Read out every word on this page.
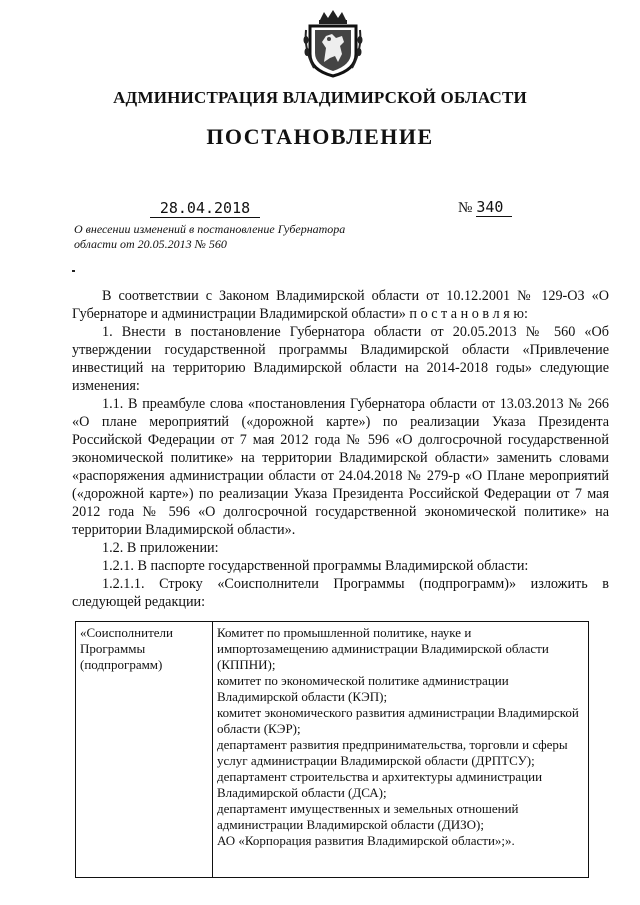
АДМИНИСТРАЦИЯ ВЛАДИМИРСКОЙ ОБЛАСТИ
ПОСТАНОВЛЕНИЕ
28.04.2018	№ 340
О внесении изменений в постановление Губернатора области от 20.05.2013 № 560

В соответствии с Законом Владимирской области от 10.12.2001 № 129-ОЗ «О Губернаторе и администрации Владимирской области» п о с т а н о в л я ю:

1. Внести в постановление Губернатора области от 20.05.2013 № 560 «Об утверждении государственной программы Владимирской области «Привлечение инвестиций на территорию Владимирской области на 2014-2018 годы» следующие изменения:

1.1. В преамбуле слова «постановления Губернатора области от 13.03.2013 № 266 «О плане мероприятий («дорожной карте») по реализации Указа Президента Российской Федерации от 7 мая 2012 года № 596 «О долгосрочной государственной экономической политике» на территории Владимирской области» заменить словами «распоряжения администрации области от 24.04.2018 № 279-р «О Плане мероприятий («дорожной карте») по реализации Указа Президента Российской Федерации от 7 мая 2012 года № 596 «О долгосрочной государственной экономической политике» на территории Владимирской области».

1.2. В приложении:

1.2.1. В паспорте государственной программы Владимирской области:

1.2.1.1. Строку «Соисполнители Программы (подпрограмм)» изложить в следующей редакции:

«Соисполнители
Программы
(подпрограмм)
Комитет по промышленной политике, науке и импортозамещению администрации Владимирской области (КППНИ);
комитет по экономической политике администрации Владимирской области (КЭП);
комитет экономического развития администрации Владимирской области (КЭР);
департамент развития предпринимательства, торговли и сферы услуг администрации Владимирской области (ДРПТСУ);
департамент строительства и архитектуры администрации Владимирской области (ДСА);
департамент имущественных и земельных отношений администрации Владимирской области (ДИЗО);
АО «Корпорация развития Владимирской области»;».
